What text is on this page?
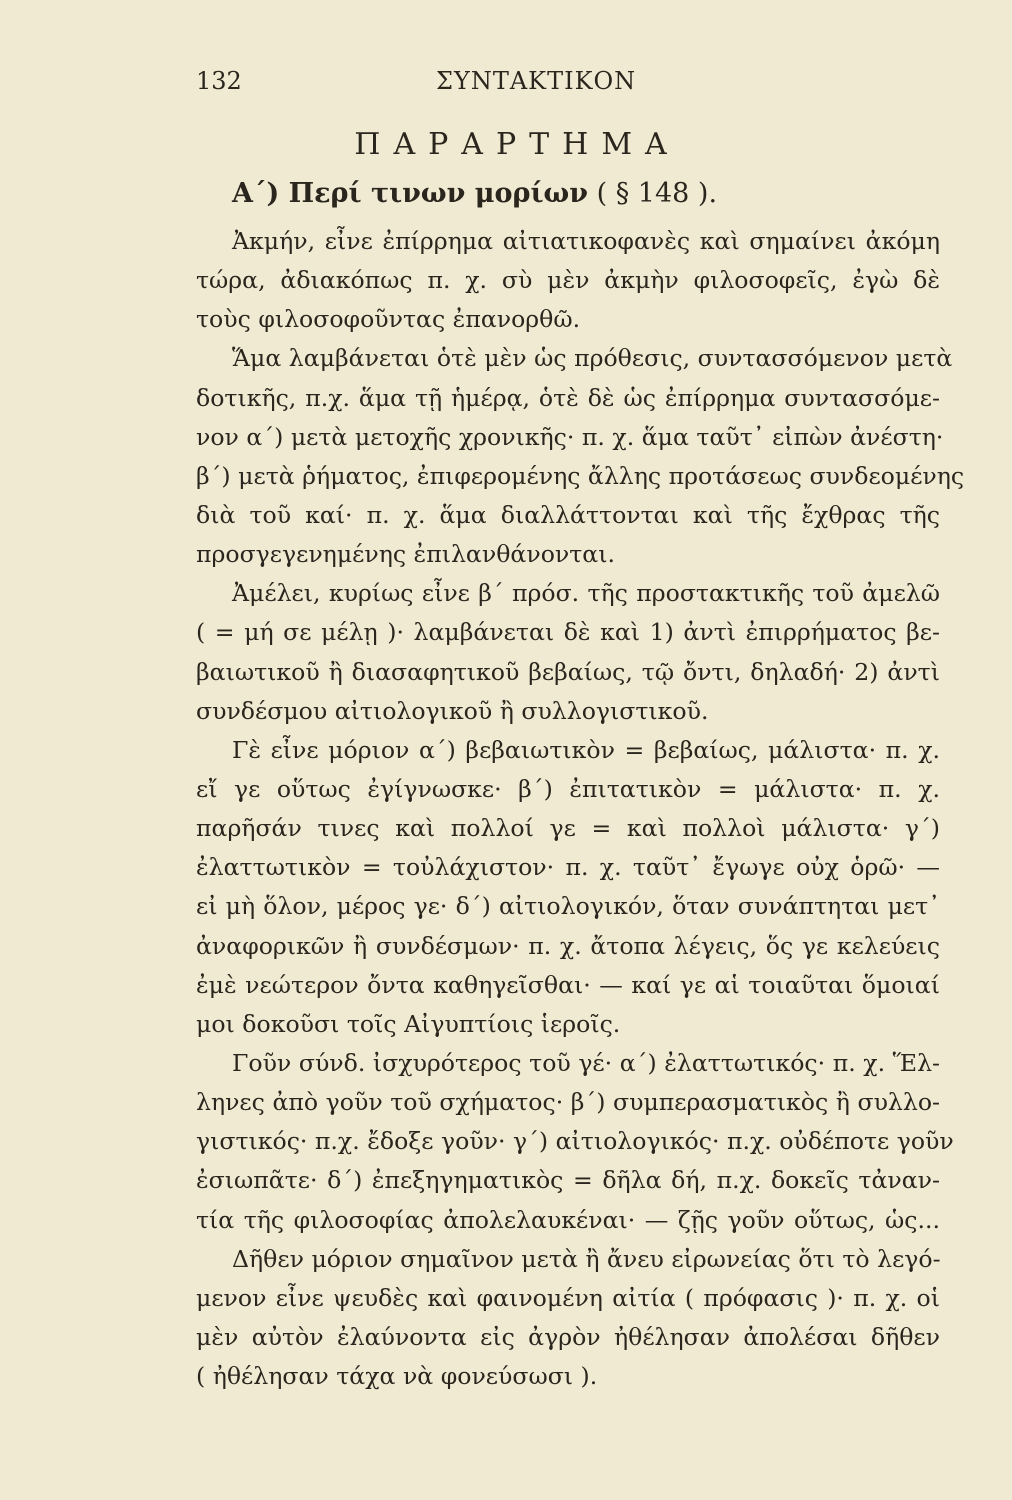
132	ΣΥΝΤΑΚΤΙΚΟΝ
ΠΑΡΑΡΤΗΜΑ
Α΄) Περί τινων μορίων ( § 148 ).
Ἀκμήν, εἶνε ἐπίρρημα αἰτιατικοφανὲς καὶ σημαίνει ἀκόμη
τώρα, ἀδιακόπως π. χ. σὺ μὲν ἀκμὴν φιλοσοφεῖς, ἐγὼ δὲ
τοὺς φιλοσοφοῦντας ἐπανορθῶ.
Ἅμα λαμβάνεται ὁτὲ μὲν ὡς πρόθεσις, συντασσόμενον μετὰ
δοτικῆς, π.χ. ἅμα τῇ ἡμέρᾳ, ὁτὲ δὲ ὡς ἐπίρρημα συντασσόμε-
νον α΄) μετὰ μετοχῆς χρονικῆς· π. χ. ἅμα ταῦτ᾽ εἰπὼν ἀνέστη·
β΄) μετὰ ῥήματος, ἐπιφερομένης ἄλλης προτάσεως συνδεομένης
διὰ τοῦ καί· π. χ. ἅμα διαλλάττονται καὶ τῆς ἔχθρας τῆς
προσγεγενημένης ἐπιλανθάνονται.
Ἀμέλει, κυρίως εἶνε β΄ πρόσ. τῆς προστακτικῆς τοῦ ἀμελῶ
( = μή σε μέλῃ )· λαμβάνεται δὲ καὶ 1) ἀντὶ ἐπιρρήματος βε-
βαιωτικοῦ ἢ διασαφητικοῦ βεβαίως, τῷ ὄντι, δηλαδή· 2) ἀντὶ
συνδέσμου αἰτιολογικοῦ ἢ συλλογιστικοῦ.
Γὲ εἶνε μόριον α΄) βεβαιωτικὸν = βεβαίως, μάλιστα· π. χ.
εἴ γε οὕτως ἐγίγνωσκε· β΄) ἐπιτατικὸν = μάλιστα· π. χ.
παρῆσάν τινες καὶ πολλοί γε = καὶ πολλοὶ μάλιστα· γ΄)
ἐλαττωτικὸν = τοὐλάχιστον· π. χ. ταῦτ᾽ ἔγωγε οὐχ ὁρῶ· —
εἰ μὴ ὅλον, μέρος γε· δ΄) αἰτιολογικόν, ὅταν συνάπτηται μετ᾽
ἀναφορικῶν ἢ συνδέσμων· π. χ. ἄτοπα λέγεις, ὅς γε κελεύεις
ἐμὲ νεώτερον ὄντα καθηγεῖσθαι· — καί γε αἱ τοιαῦται ὅμοιαί
μοι δοκοῦσι τοῖς Αἰγυπτίοις ἱεροῖς.
Γοῦν σύνδ. ἰσχυρότερος τοῦ γέ· α΄) ἐλαττωτικός· π. χ. Ἕλ-
ληνες ἀπὸ γοῦν τοῦ σχήματος· β΄) συμπερασματικὸς ἢ συλλο-
γιστικός· π.χ. ἔδοξε γοῦν· γ΄) αἰτιολογικός· π.χ. οὐδέποτε γοῦν
ἐσιωπᾶτε· δ΄) ἐπεξηγηματικὸς = δῆλα δή, π.χ. δοκεῖς τἀναν-
τία τῆς φιλοσοφίας ἀπολελαυκέναι· — ζῇς γοῦν οὕτως, ὡς...
Δῆθεν μόριον σημαῖνον μετὰ ἢ ἄνευ εἰρωνείας ὅτι τὸ λεγό-
μενον εἶνε ψευδὲς καὶ φαινομένη αἰτία ( πρόφασις )· π. χ. οἱ
μὲν αὐτὸν ἐλαύνοντα εἰς ἀγρὸν ἠθέλησαν ἀπολέσαι δῆθεν
( ἠθέλησαν τάχα νὰ φονεύσωσι ).
